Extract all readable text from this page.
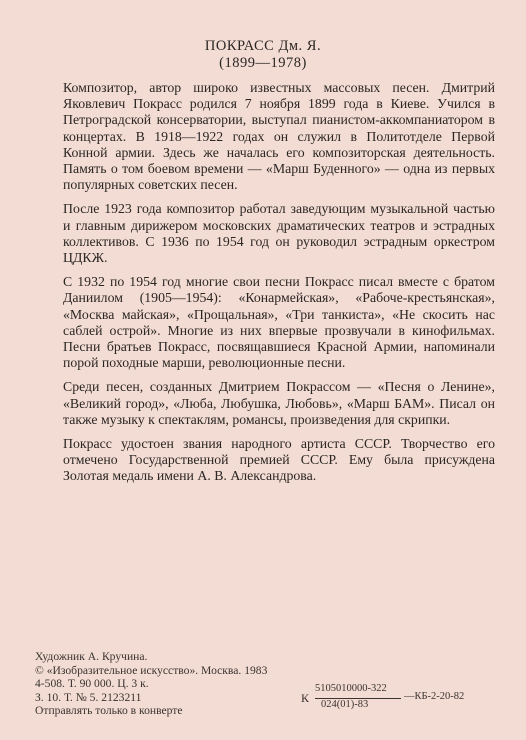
ПОКРАСС Дм. Я.
(1899—1978)

Композитор, автор широко известных массовых песен. Дмитрий Яковлевич Покрасс родился 7 ноября 1899 года в Киеве. Учился в Петроградской консерватории, выступал пианистом-аккомпаниатором в концертах. В 1918—1922 годах он служил в Политотделе Первой Конной армии. Здесь же началась его композиторская деятельность. Память о том боевом времени — «Марш Буденного» — одна из первых популярных советских песен.

После 1923 года композитор работал заведующим музыкальной частью и главным дирижером московских драматических театров и эстрадных коллективов. С 1936 по 1954 год он руководил эстрадным оркестром ЦДКЖ.

С 1932 по 1954 год многие свои песни Покрасс писал вместе с братом Даниилом (1905—1954): «Конармейская», «Рабоче-крестьянская», «Москва майская», «Прощальная», «Три танкиста», «Не скосить нас саблей острой». Многие из них впервые прозвучали в кинофильмах. Песни братьев Покрасс, посвящавшиеся Красной Армии, напоминали порой походные марши, революционные песни.

Среди песен, созданных Дмитрием Покрассом — «Песня о Ленине», «Великий город», «Люба, Любушка, Любовь», «Марш БАМ». Писал он также музыку к спектаклям, романсы, произведения для скрипки.

Покрасс удостоен звания народного артиста СССР. Творчество его отмечено Государственной премией СССР. Ему была присуждена Золотая медаль имени А. В. Александрова.

Художник А. Кручина.
© «Изобразительное искусство». Москва. 1983
4-508. Т. 90 000. Ц. 3 к.
З. 10. Т. № 5. 2123211
Отправлять только в конверте
К
5105010000-322
024(01)-83
—КБ-2-20-82
